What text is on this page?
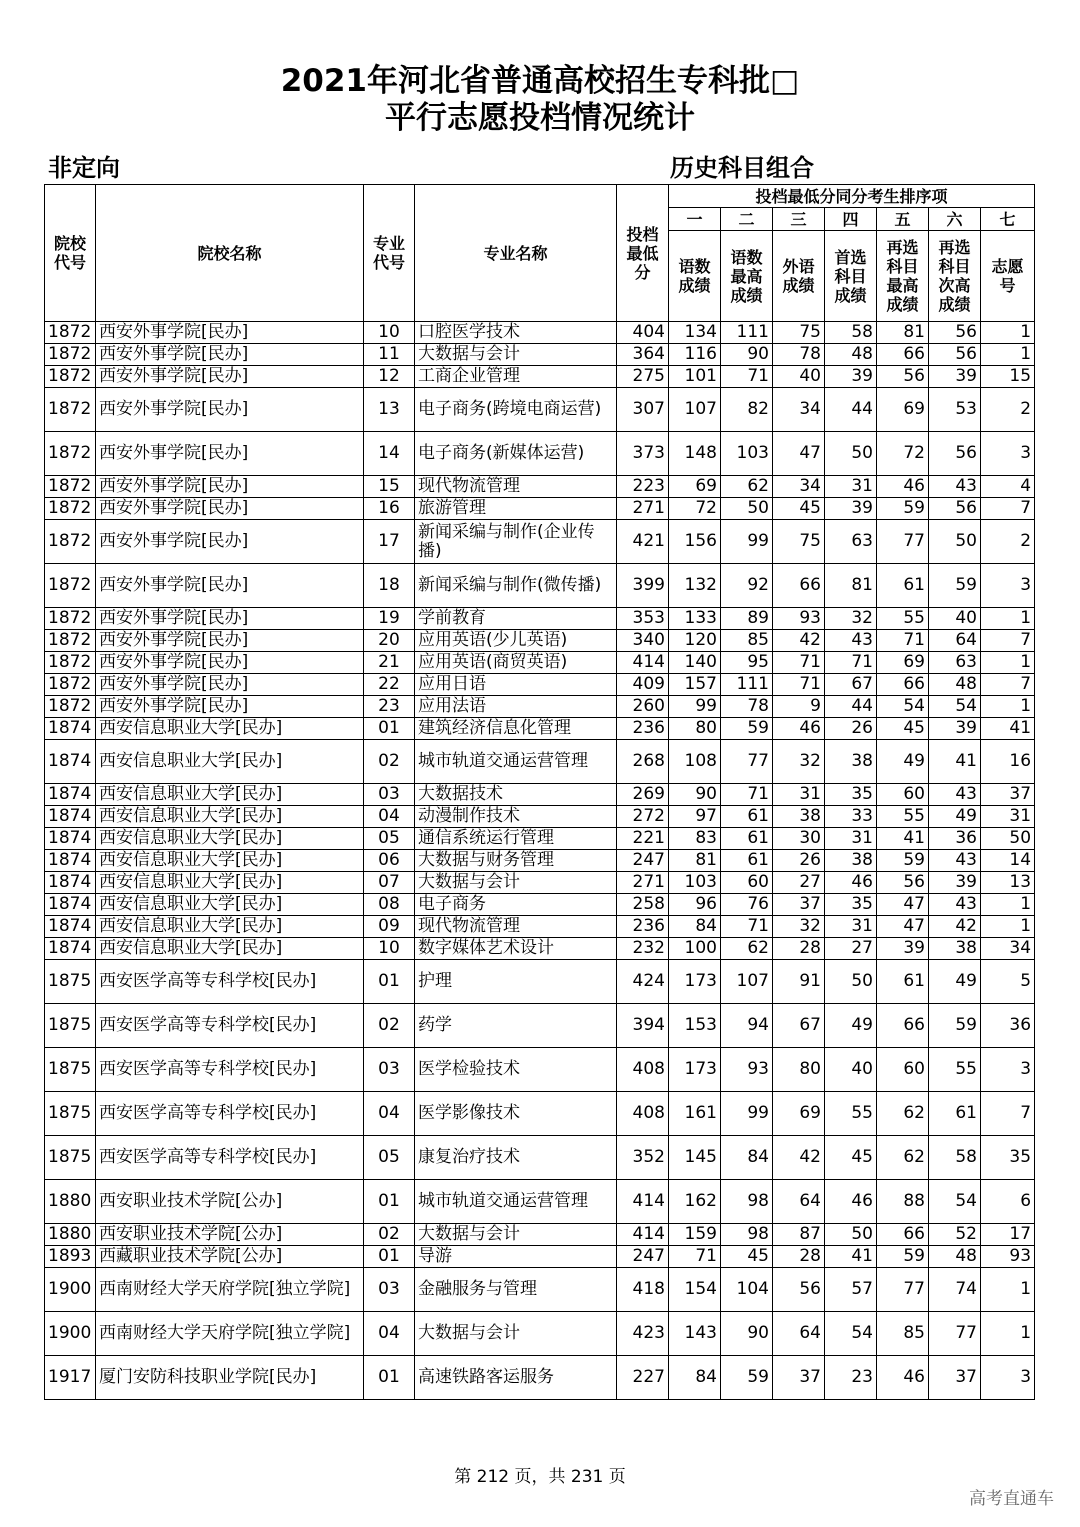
2021年河北省普通高校招生专科批□
平行志愿投档情况统计
非定向	历史科目组合
院校代号	院校名称	专业代号	专业名称	投档最低分	投档最低分同分考生排序项						
					一	二	三	四	五	六	七
					语数成绩	语数最高成绩	外语成绩	首选科目成绩	再选科目最高成绩	再选科目次高成绩	志愿号
1872	西安外事学院[民办]	10	口腔医学技术	404	134	111	75	58	81	56	1
1872	西安外事学院[民办]	11	大数据与会计	364	116	90	78	48	66	56	1
1872	西安外事学院[民办]	12	工商企业管理	275	101	71	40	39	56	39	15
1872	西安外事学院[民办]	13	电子商务(跨境电商运营)	307	107	82	34	44	69	53	2
1872	西安外事学院[民办]	14	电子商务(新媒体运营)	373	148	103	47	50	72	56	3
1872	西安外事学院[民办]	15	现代物流管理	223	69	62	34	31	46	43	4
1872	西安外事学院[民办]	16	旅游管理	271	72	50	45	39	59	56	7
1872	西安外事学院[民办]	17	新闻采编与制作(企业传播)	421	156	99	75	63	77	50	2
1872	西安外事学院[民办]	18	新闻采编与制作(微传播)	399	132	92	66	81	61	59	3
1872	西安外事学院[民办]	19	学前教育	353	133	89	93	32	55	40	1
1872	西安外事学院[民办]	20	应用英语(少儿英语)	340	120	85	42	43	71	64	7
1872	西安外事学院[民办]	21	应用英语(商贸英语)	414	140	95	71	71	69	63	1
1872	西安外事学院[民办]	22	应用日语	409	157	111	71	67	66	48	7
1872	西安外事学院[民办]	23	应用法语	260	99	78	9	44	54	54	1
1874	西安信息职业大学[民办]	01	建筑经济信息化管理	236	80	59	46	26	45	39	41
1874	西安信息职业大学[民办]	02	城市轨道交通运营管理	268	108	77	32	38	49	41	16
1874	西安信息职业大学[民办]	03	大数据技术	269	90	71	31	35	60	43	37
1874	西安信息职业大学[民办]	04	动漫制作技术	272	97	61	38	33	55	49	31
1874	西安信息职业大学[民办]	05	通信系统运行管理	221	83	61	30	31	41	36	50
1874	西安信息职业大学[民办]	06	大数据与财务管理	247	81	61	26	38	59	43	14
1874	西安信息职业大学[民办]	07	大数据与会计	271	103	60	27	46	56	39	13
1874	西安信息职业大学[民办]	08	电子商务	258	96	76	37	35	47	43	1
1874	西安信息职业大学[民办]	09	现代物流管理	236	84	71	32	31	47	42	1
1874	西安信息职业大学[民办]	10	数字媒体艺术设计	232	100	62	28	27	39	38	34
1875	西安医学高等专科学校[民办]	01	护理	424	173	107	91	50	61	49	5
1875	西安医学高等专科学校[民办]	02	药学	394	153	94	67	49	66	59	36
1875	西安医学高等专科学校[民办]	03	医学检验技术	408	173	93	80	40	60	55	3
1875	西安医学高等专科学校[民办]	04	医学影像技术	408	161	99	69	55	62	61	7
1875	西安医学高等专科学校[民办]	05	康复治疗技术	352	145	84	42	45	62	58	35
1880	西安职业技术学院[公办]	01	城市轨道交通运营管理	414	162	98	64	46	88	54	6
1880	西安职业技术学院[公办]	02	大数据与会计	414	159	98	87	50	66	52	17
1893	西藏职业技术学院[公办]	01	导游	247	71	45	28	41	59	48	93
1900	西南财经大学天府学院[独立学院]	03	金融服务与管理	418	154	104	56	57	77	74	1
1900	西南财经大学天府学院[独立学院]	04	大数据与会计	423	143	90	64	54	85	77	1
1917	厦门安防科技职业学院[民办]	01	高速铁路客运服务	227	84	59	37	23	46	37	3
第 212 页，共 231 页
高考直通车
